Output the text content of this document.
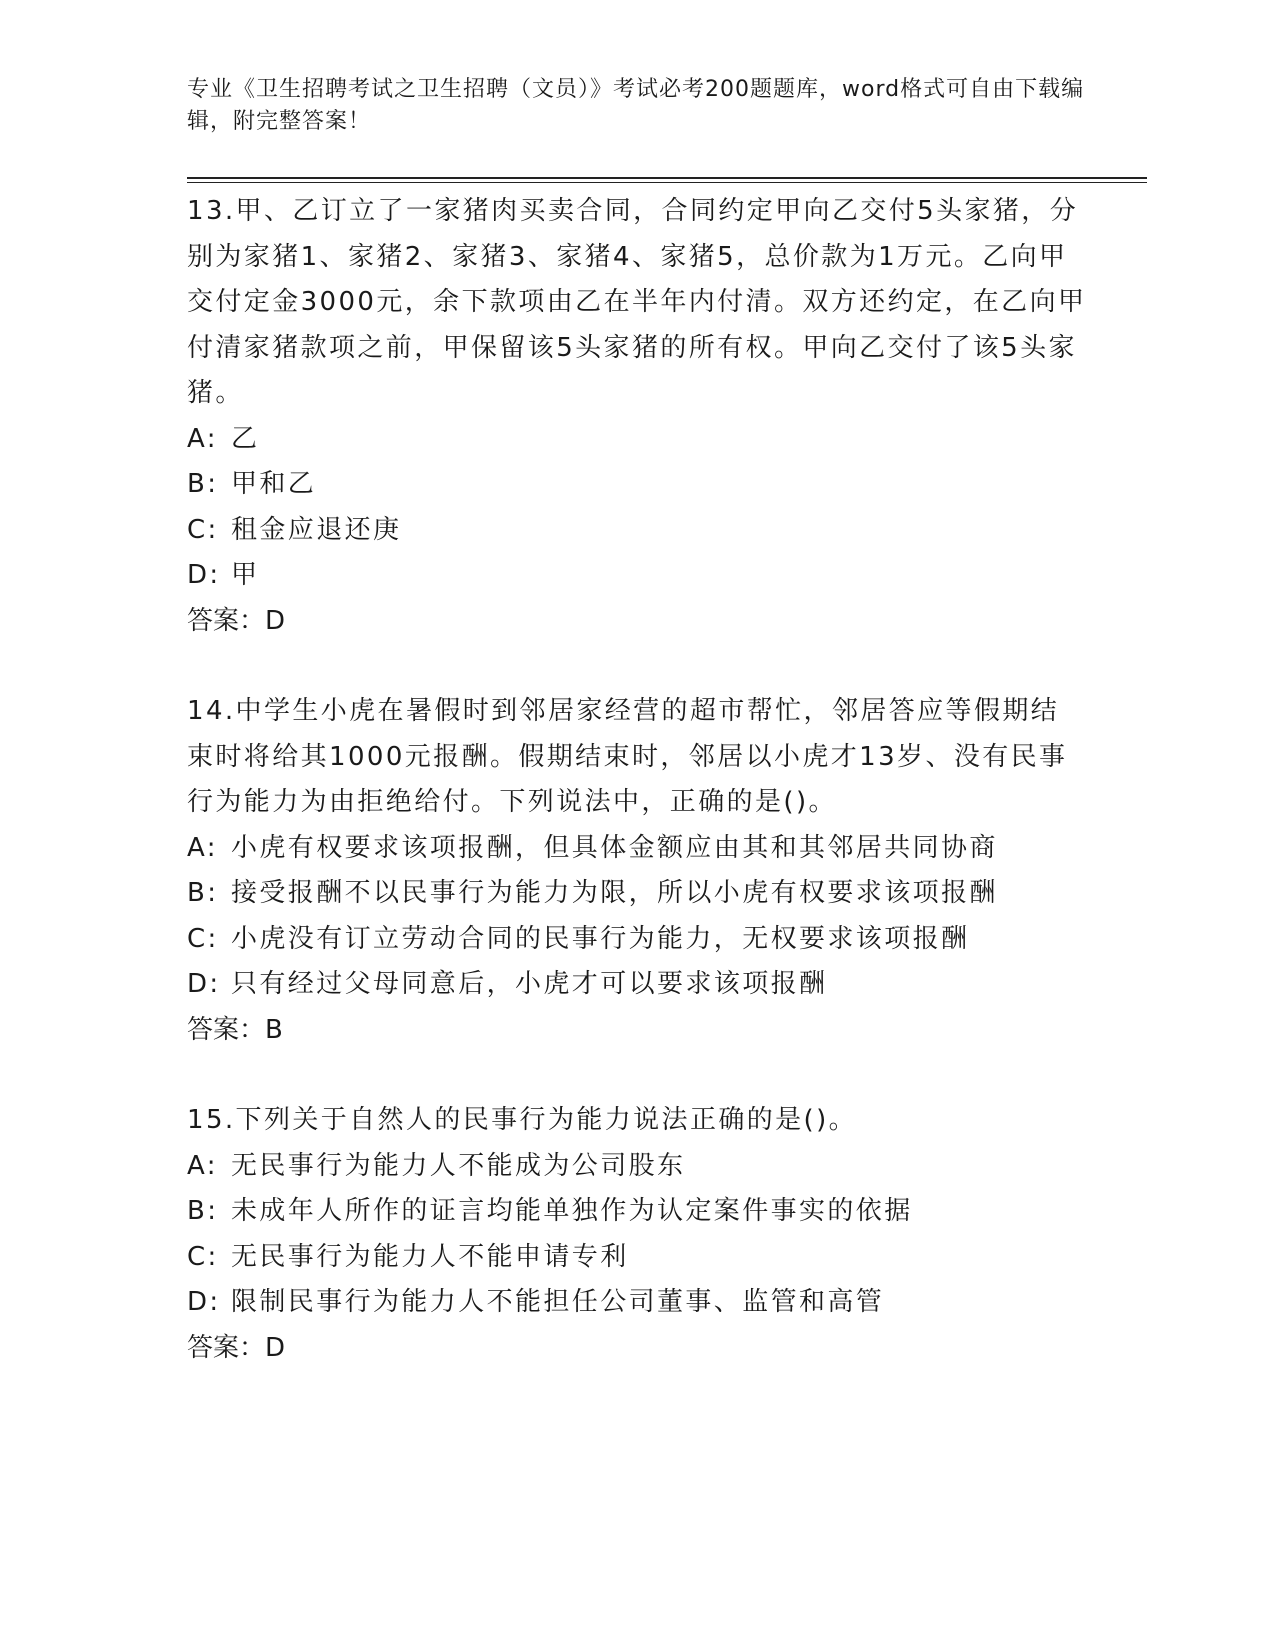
专业《卫生招聘考试之卫生招聘（文员）》考试必考200题题库，word格式可自由下载编辑，附完整答案！

13.甲、乙订立了一家猪肉买卖合同，合同约定甲向乙交付5头家猪，分别为家猪1、家猪2、家猪3、家猪4、家猪5，总价款为1万元。乙向甲交付定金3000元，余下款项由乙在半年内付清。双方还约定，在乙向甲付清家猪款项之前，甲保留该5头家猪的所有权。甲向乙交付了该5头家猪。

A: 乙

B: 甲和乙

C: 租金应退还庚

D: 甲

答案：D

14.中学生小虎在暑假时到邻居家经营的超市帮忙，邻居答应等假期结束时将给其1000元报酬。假期结束时，邻居以小虎才13岁、没有民事行为能力为由拒绝给付。下列说法中，正确的是()。

A: 小虎有权要求该项报酬，但具体金额应由其和其邻居共同协商

B: 接受报酬不以民事行为能力为限，所以小虎有权要求该项报酬

C: 小虎没有订立劳动合同的民事行为能力，无权要求该项报酬

D: 只有经过父母同意后，小虎才可以要求该项报酬

答案：B

15.下列关于自然人的民事行为能力说法正确的是()。

A: 无民事行为能力人不能成为公司股东

B: 未成年人所作的证言均能单独作为认定案件事实的依据

C: 无民事行为能力人不能申请专利

D: 限制民事行为能力人不能担任公司董事、监管和高管

答案：D
